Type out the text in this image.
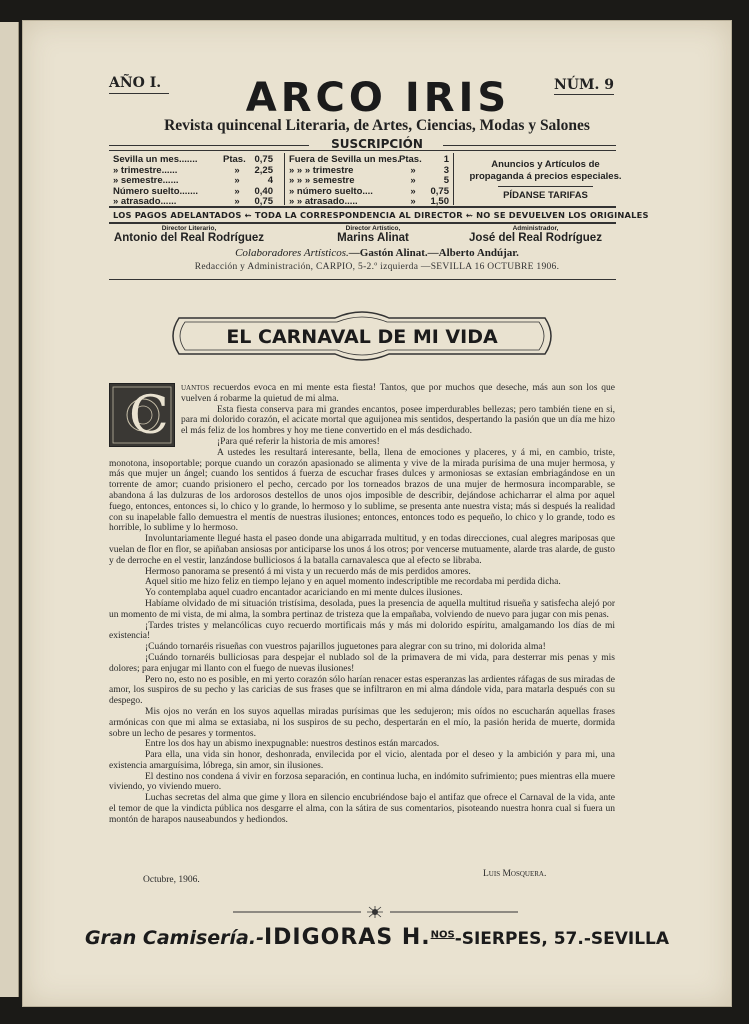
AÑO I.	ARCO IRIS	NÚM. 9
Revista quincenal Literaria, de Artes, Ciencias, Modas y Salones
SUSCRIPCIÓN
Sevilla un mes.......	Ptas. 0,75
» trimestre......	» 2,25
» semestre......	»	4
Número suelto.......	» 0,40
» atrasado......	» 0,75
Fuera de Sevilla un mes.Ptas. 1
» » » trimestre	»	3
» » » semestre	»	5
» número suelto....	» 0,75
» » atrasado.....	» 1,50
Anuncios y Artículos de propaganda á precios especiales.
PÍDANSE TARIFAS
LOS PAGOS ADELANTADOS ⇜ TODA LA CORRESPONDENCIA AL DIRECTOR ⇜ NO SE DEVUELVEN LOS ORIGINALES
Director Literario,
Antonio del Real Rodríguez
Director Artístico,
Marins Alinat
Administrador,
José del Real Rodríguez
Colaboradores Artísticos.—Gastón Alinat.—Alberto Andújar.
Redacción y Administración, CARPIO, 5-2.º izquierda —SEVILLA 16 OCTUBRE 1906.
EL CARNAVAL DE MI VIDA

C uantos recuerdos evoca en mi mente esta fiesta! Tantos, que por muchos que deseche, más aun son los que vuelven á robarme la quietud de mi alma.

Esta fiesta conserva para mi grandes encantos, posee imperdurables bellezas; pero también tiene en si, para mi dolorido corazón, el acicate mortal que aguijonea mis sentidos, despertando la pasión que un día me hizo el más feliz de los hombres y hoy me tiene convertido en el más desdichado.

¡Para qué referir la historia de mis amores!

A ustedes les resultará interesante, bella, llena de emociones y placeres, y á mi, en cambio, triste, monotona, insoportable; porque cuando un corazón apasionado se alimenta y vive de la mirada purísima de una mujer hermosa, y más que mujer un ángel; cuando los sentidos á fuerza de escuchar frases dulces y armoniosas se extasían embriagándose en un torrente de amor; cuando prisionero el pecho, cercado por los torneados brazos de una mujer de hermosura incomparable, se abandona á las dulzuras de los ardorosos destellos de unos ojos imposible de describir, dejándose achicharrar el alma por aquel fuego, entonces, entonces si, lo chico y lo grande, lo hermoso y lo sublime, se presenta ante nuestra vista; más si después la realidad con su inapelable fallo demuestra el mentís de nuestras ilusiones; entonces, entonces todo es pequeño, lo chico y lo grande, todo es horrible, lo sublime y lo hermoso.

Involuntariamente llegué hasta el paseo donde una abigarrada multitud, y en todas direcciones, cual alegres mariposas que vuelan de flor en flor, se apiñaban ansiosas por anticiparse los unos á los otros; por vencerse mutuamente, alarde tras alarde, de gusto y de derroche en el vestir, lanzándose bulliciosos á la batalla carnavalesca que al efecto se libraba.

Hermoso panorama se presentó á mi vista y un recuerdo más de mis perdidos amores.

Aquel sitio me hizo feliz en tiempo lejano y en aquel momento indescriptible me recordaba mi perdida dicha.

Yo contemplaba aquel cuadro encantador acariciando en mi mente dulces ilusiones.

Habíame olvidado de mi situación tristísima, desolada, pues la presencia de aquella multitud risueña y satisfecha alejó por un momento de mi vista, de mi alma, la sombra pertinaz de tristeza que la empañaba, volviendo de nuevo para jugar con mis penas.

¡Tardes tristes y melancólicas cuyo recuerdo mortificais más y más mi dolorido espíritu, amalgamando los días de mi existencia!

¡Cuándo tornaréis risueñas con vuestros pajarillos juguetones para alegrar con su trino, mi dolorida alma!

¡Cuándo tornaréis bulliciosas para despejar el nublado sol de la primavera de mi vida, para desterrar mis penas y mis dolores; para enjugar mi llanto con el fuego de nuevas ilusiones!

Pero no, esto no es posible, en mi yerto corazón sólo harían renacer estas esperanzas las ardientes ráfagas de sus miradas de amor, los suspiros de su pecho y las caricias de sus frases que se infiltraron en mi alma dándole vida, para matarla después con su despego.

Mis ojos no verán en los suyos aquellas miradas purísimas que les sedujeron; mis oídos no escucharán aquellas frases armónicas con que mi alma se extasiaba, ni los suspiros de su pecho, despertarán en el mío, la pasión herida de muerte, dormida sobre un lecho de pesares y tormentos.

Entre los dos hay un abismo inexpugnable: nuestros destinos están marcados.

Para ella, una vida sin honor, deshonrada, envilecida por el vicio, alentada por el deseo y la ambición y para mi, una existencia amarguísima, lóbrega, sin amor, sin ilusiones.

El destino nos condena á vivir en forzosa separación, en continua lucha, en indómito sufrimiento; pues mientras ella muere viviendo, yo viviendo muero.

Luchas secretas del alma que gime y llora en silencio encubriéndose bajo el antifaz que ofrece el Carnaval de la vida, ante el temor de que la vindicta pública nos desgarre el alma, con la sátira de sus comentarios, pisoteando nuestra honra cual si fuera un montón de harapos nauseabundos y hediondos.

Octubre, 1906.
Luis Mosquera.
Gran Camisería.-IDIGORAS H.$^{NOS}$-SIERPES, 57.-SEVILLA
